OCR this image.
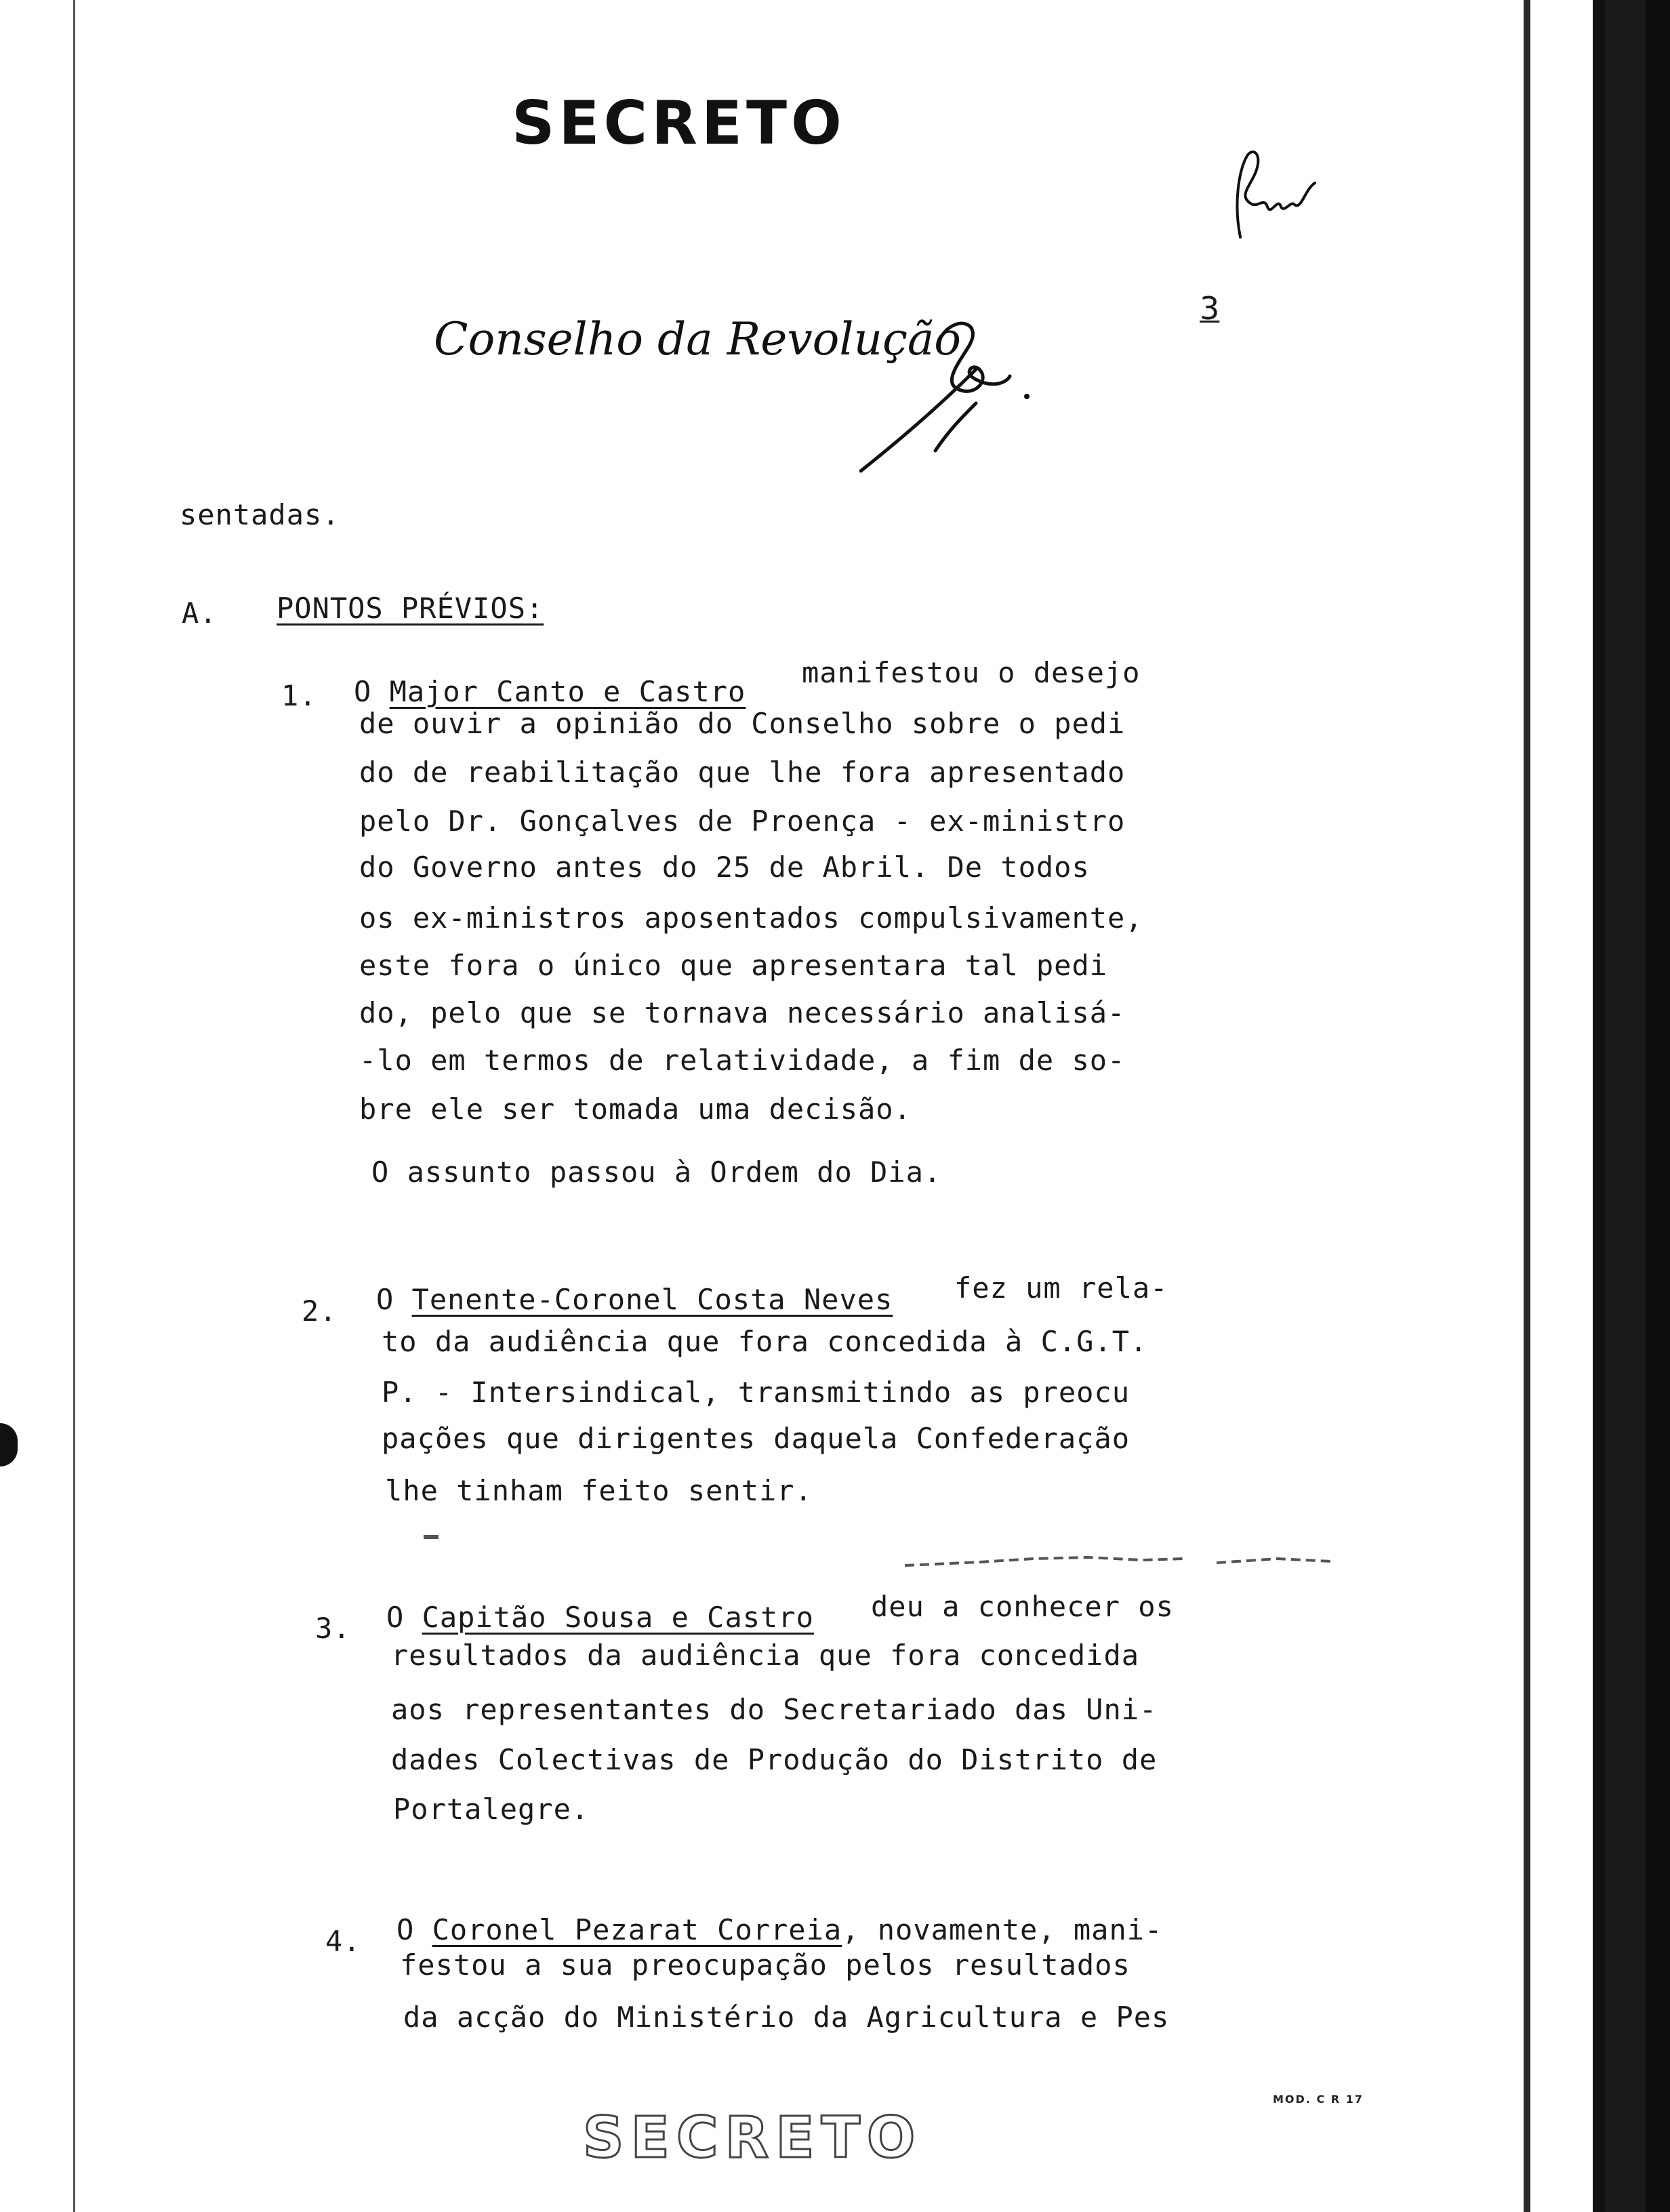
SECRETO
3
Conselho da Revolução
sentadas.
A. PONTOS PRÉVIOS:
1. O Major Canto e Castro
manifestou o desejo
de ouvir a opinião do Conselho sobre o pedi
do de reabilitação que lhe fora apresentado
pelo Dr. Gonçalves de Proença - ex-ministro
do Governo antes do 25 de Abril. De todos
os ex-ministros aposentados compulsivamente,
este fora o único que apresentara tal pedi
do, pelo que se tornava necessário analisá-
-lo em termos de relatividade, a fim de so-
bre ele ser tomada uma decisão.
O assunto passou à Ordem do Dia.
2. O Tenente-Coronel Costa Neves fez um rela-
to da audiência que fora concedida à C.G.T.
P. - Intersindical, transmitindo as preocu
pações que dirigentes daquela Confederação
lhe tinham feito sentir.
3. O Capitão Sousa e Castro deu a conhecer os
resultados da audiência que fora concedida
aos representantes do Secretariado das Uni-
dades Colectivas de Produção do Distrito de
Portalegre.
4. O Coronel Pezarat Correia, novamente, mani-
festou a sua preocupação pelos resultados
da acção do Ministério da Agricultura e Pes
MOD. C R 17
SECRETO
